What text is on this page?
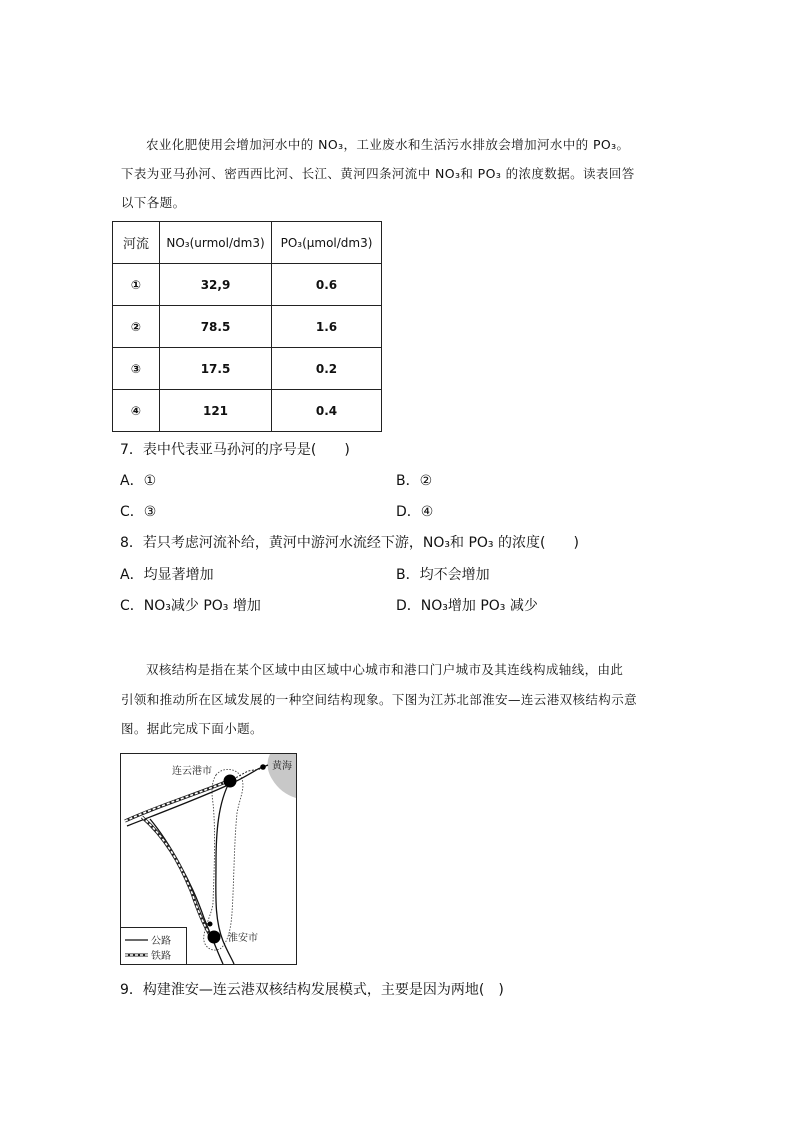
农业化肥使用会增加河水中的 NO₃，工业废水和生活污水排放会增加河水中的 PO₃。
下表为亚马孙河、密西西比河、长江、黄河四条河流中 NO₃和 PO₃ 的浓度数据。读表回答
以下各题。
河流	NO₃(urmol/dm3)	PO₃(μmol/dm3)
①	32,9	0.6
②	78.5	1.6
③	17.5	0.2
④	121	0.4
7．表中代表亚马孙河的序号是(　　)
A．①	B．②
C．③	D．④
8．若只考虑河流补给，黄河中游河水流经下游，NO₃和 PO₃ 的浓度(　　)
A．均显著增加	B．均不会增加
C．NO₃减少 PO₃ 增加	D．NO₃增加 PO₃ 减少
双核结构是指在某个区域中由区域中心城市和港口门户城市及其连线构成轴线，由此
引领和推动所在区域发展的一种空间结构现象。下图为江苏北部淮安—连云港双核结构示意
图。据此完成下面小题。
连云港市	黄海
淮安市
公路
铁路
9．构建淮安—连云港双核结构发展模式，主要是因为两地(　)
